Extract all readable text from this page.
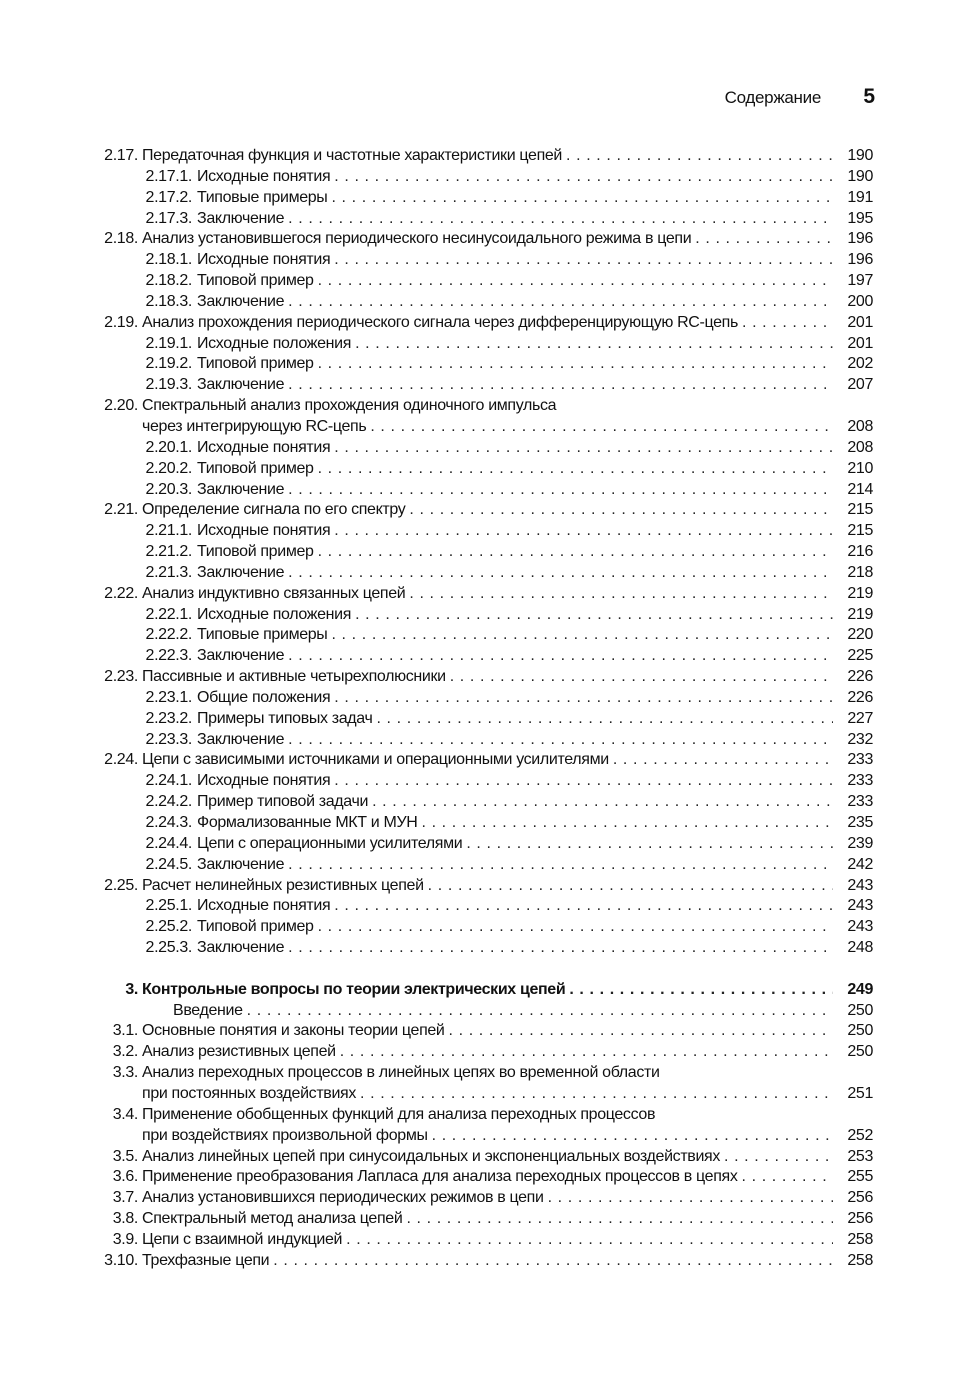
Содержание 5
2.17. Передаточная функция и частотные характеристики цепей . . .	190
2.17.1. Исходные понятия . . .	190
2.17.2. Типовые примеры . . .	191
2.17.3. Заключение . . .	195
2.18. Анализ установившегося периодического несинусоидального режима в цепи . . .	196
2.18.1. Исходные понятия . . .	196
2.18.2. Типовой пример . . .	197
2.18.3. Заключение . . .	200
2.19. Анализ прохождения периодического сигнала через дифференцирующую RC-цепь . . .	201
2.19.1. Исходные положения . . .	201
2.19.2. Типовой пример . . .	202
2.19.3. Заключение . . .	207
2.20. Спектральный анализ прохождения одиночного импульса
через интегрирующую RC-цепь . . .	208
2.20.1. Исходные понятия . . .	208
2.20.2. Типовой пример . . .	210
2.20.3. Заключение . . .	214
2.21. Определение сигнала по его спектру . . .	215
2.21.1. Исходные понятия . . .	215
2.21.2. Типовой пример . . .	216
2.21.3. Заключение . . .	218
2.22. Анализ индуктивно связанных цепей . . .	219
2.22.1. Исходные положения . . .	219
2.22.2. Типовые примеры . . .	220
2.22.3. Заключение . . .	225
2.23. Пассивные и активные четырехполюсники . . .	226
2.23.1. Общие положения . . .	226
2.23.2. Примеры типовых задач . . .	227
2.23.3. Заключение . . .	232
2.24. Цепи с зависимыми источниками и операционными усилителями . . .	233
2.24.1. Исходные понятия . . .	233
2.24.2. Пример типовой задачи . . .	233
2.24.3. Формализованные МКТ и МУН . . .	235
2.24.4. Цепи с операционными усилителями . . .	239
2.24.5. Заключение . . .	242
2.25. Расчет нелинейных резистивных цепей . . .	243
2.25.1. Исходные понятия . . .	243
2.25.2. Типовой пример . . .	243
2.25.3. Заключение . . .	248
3. Контрольные вопросы по теории электрических цепей . . .	249
Введение . . .	250
3.1. Основные понятия и законы теории цепей . . .	250
3.2. Анализ резистивных цепей . . .	250
3.3. Анализ переходных процессов в линейных цепях во временной области
при постоянных воздействиях . . .	251
3.4. Применение обобщенных функций для анализа переходных процессов
при воздействиях произвольной формы . . .	252
3.5. Анализ линейных цепей при синусоидальных и экспоненциальных воздействиях . . .	253
3.6. Применение преобразования Лапласа для анализа переходных процессов в цепях . . .	255
3.7. Анализ установившихся периодических режимов в цепи . . .	256
3.8. Спектральный метод анализа цепей . . .	256
3.9. Цепи с взаимной индукцией . . .	258
3.10. Трехфазные цепи . . .	258
